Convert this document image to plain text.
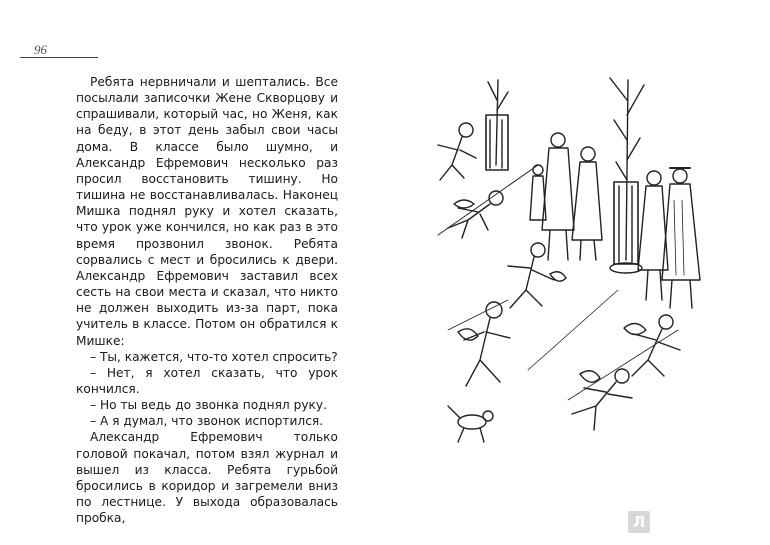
96

Ребята нервничали и шептались. Все посылали записочки Жене Скворцову и спрашивали, который час, но Женя, как на беду, в этот день забыл свои часы дома. В классе было шумно, и Александр Ефремович несколько раз просил восстановить тишину. Но тишина не восстанавливалась. Наконец Мишка поднял руку и хотел сказать, что урок уже кончился, но как раз в это время прозвонил звонок. Ребята сорвались с мест и бросились к двери. Александр Ефремович заставил всех сесть на свои места и сказал, что никто не должен выходить из-за парт, пока учитель в классе. Потом он обратился к Мишке:

– Ты, кажется, что-то хотел спросить?

– Нет, я хотел сказать, что урок кончился.

– Но ты ведь до звонка поднял руку.

– А я думал, что звонок испортился.

Александр Ефремович только головой покачал, потом взял журнал и вышел из класса. Ребята гурьбой бросились в коридор и загремели вниз по лестнице. У выхода образовалась пробка,	Л
